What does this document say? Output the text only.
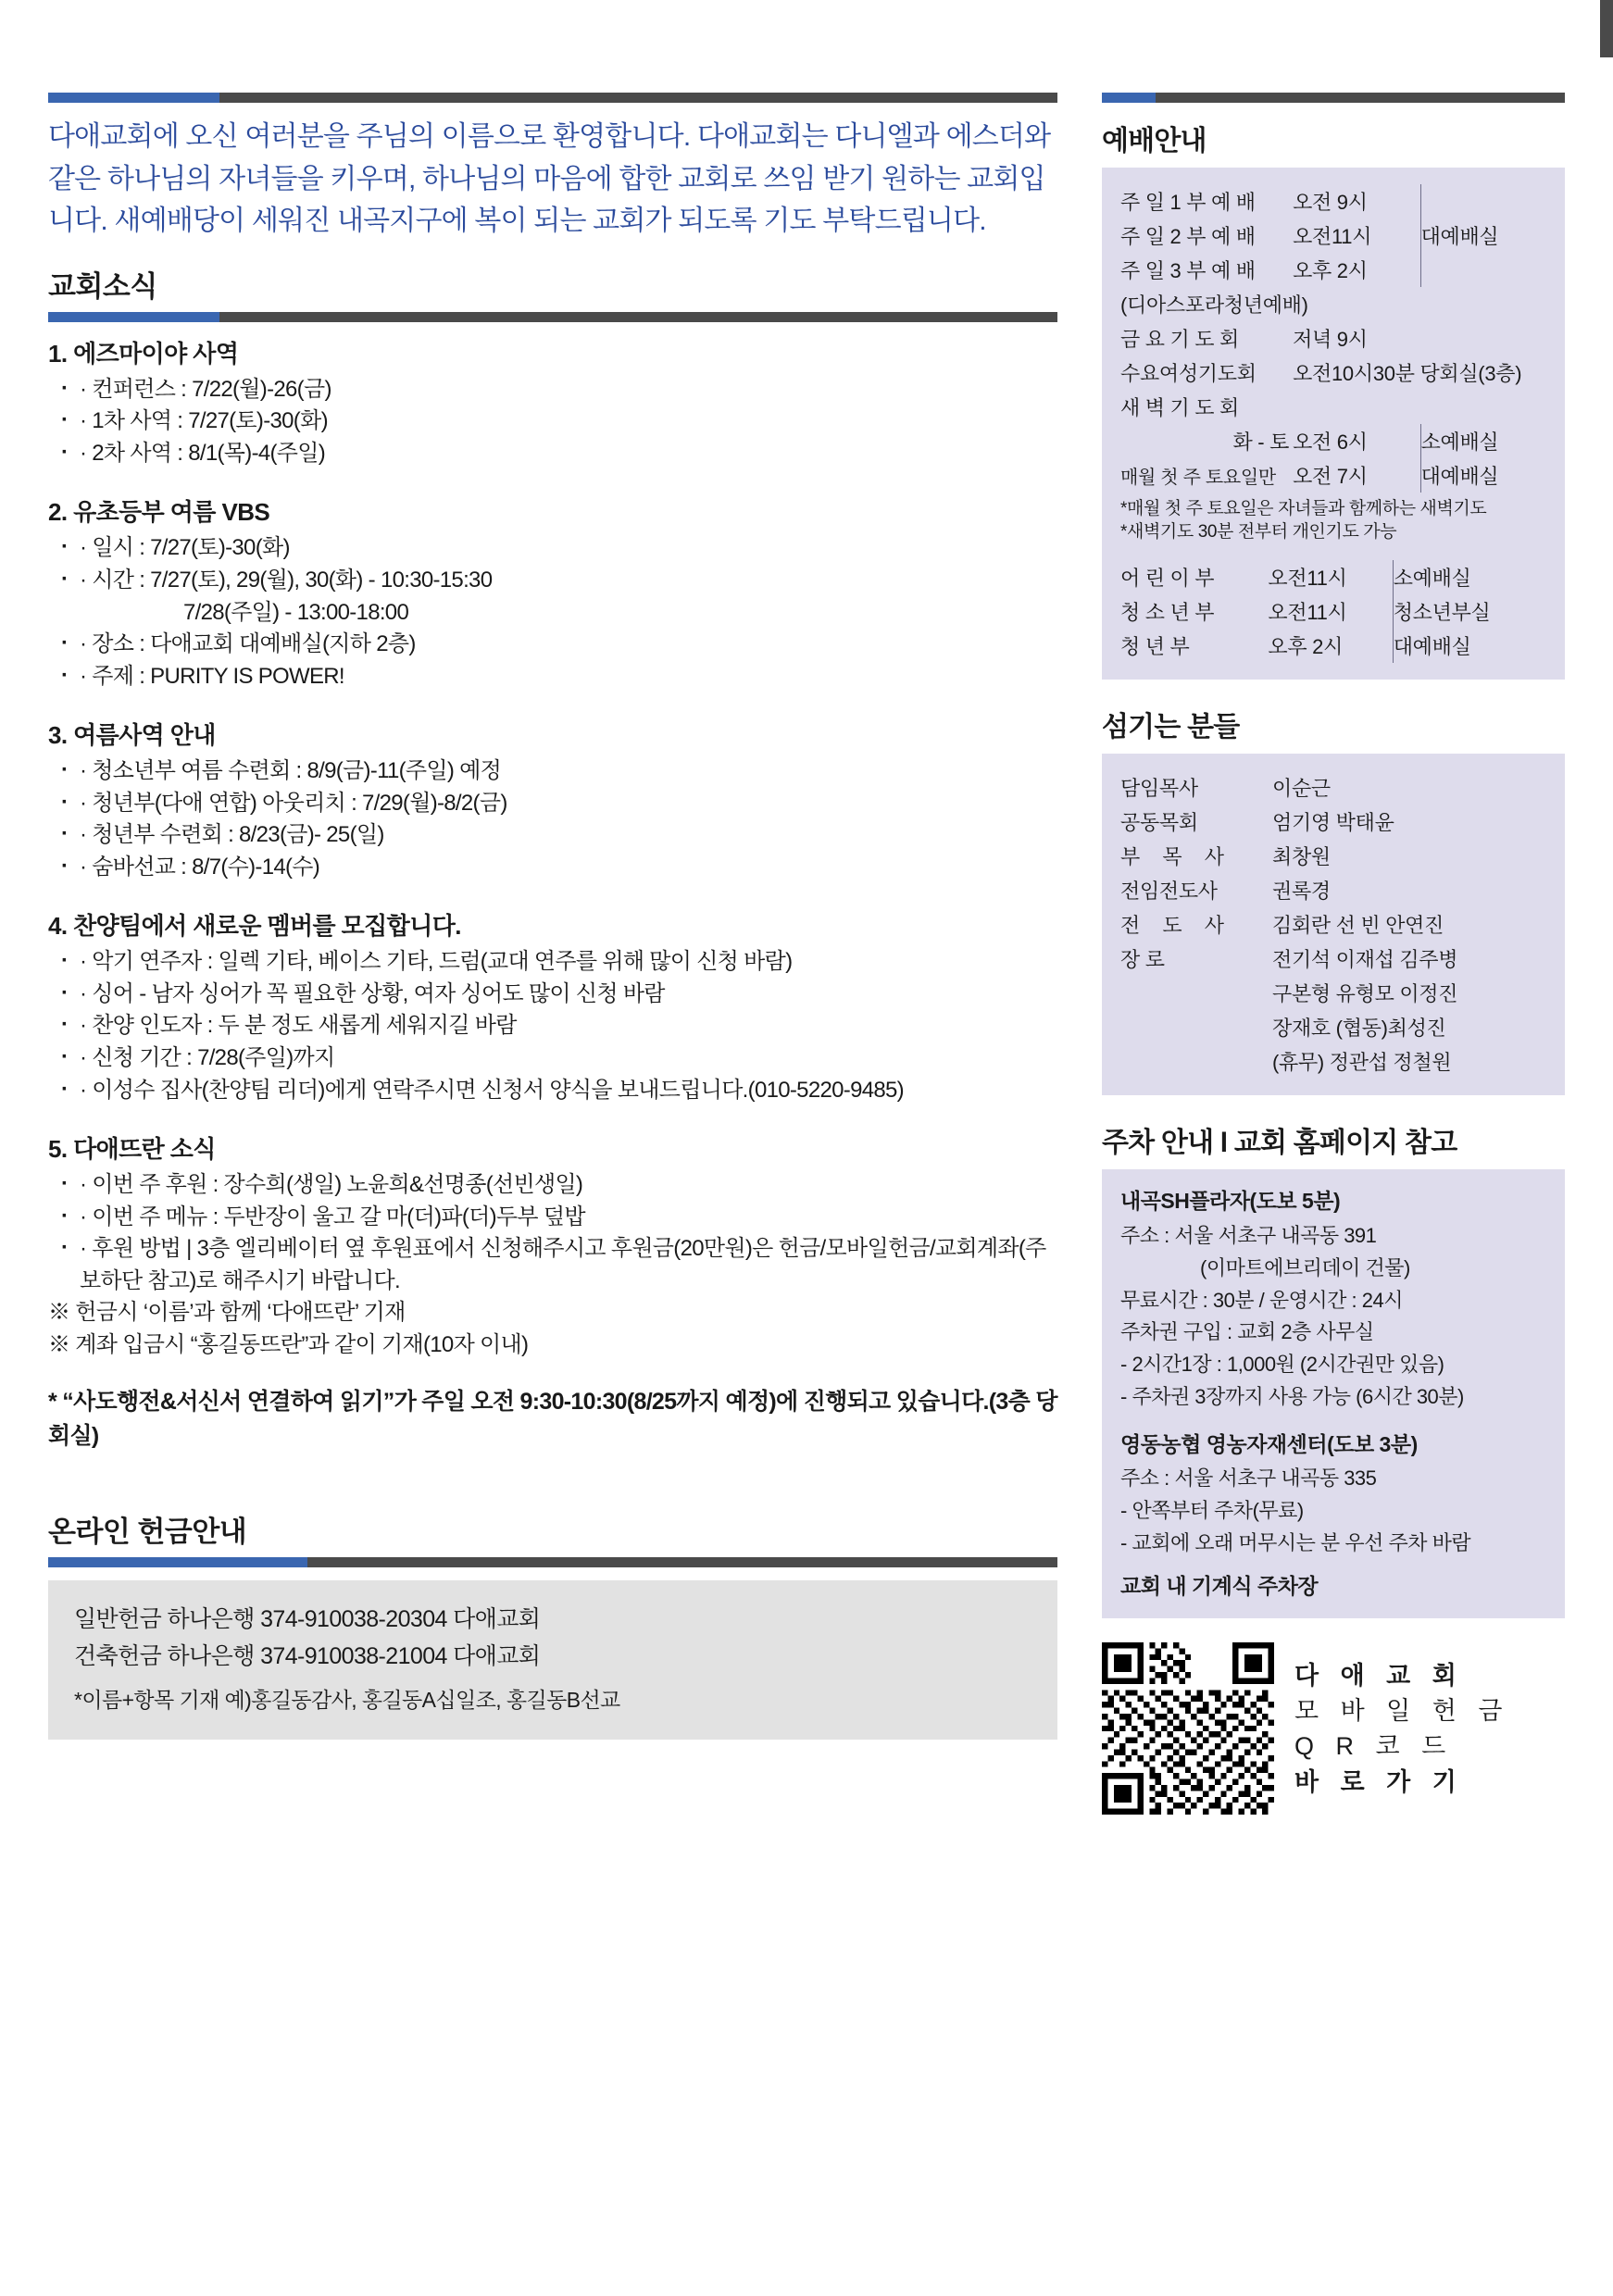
다애교회에 오신 여러분을 주님의 이름으로 환영합니다. 다애교회는 다니엘과 에스더와 같은 하나님의 자녀들을 키우며, 하나님의 마음에 합한 교회로 쓰임 받기 원하는 교회입니다. 새예배당이 세워진 내곡지구에 복이 되는 교회가 되도록 기도 부탁드립니다.

교회소식
1. 에즈마이야 사역
· · 컨퍼런스 : 7/22(월)-26(금)
· · 1차 사역 : 7/27(토)-30(화)
· · 2차 사역 : 8/1(목)-4(주일)
2. 유초등부 여름 VBS
· · 일시 : 7/27(토)-30(화)
· · 시간 : 7/27(토), 29(월), 30(화) - 10:30-15:30
7/28(주일) - 13:00-18:00
· · 장소 : 다애교회 대예배실(지하 2층)
· · 주제 : PURITY IS POWER!
3. 여름사역 안내
· · 청소년부 여름 수련회 : 8/9(금)-11(주일) 예정
· · 청년부(다애 연합) 아웃리치 : 7/29(월)-8/2(금)
· · 청년부 수련회 : 8/23(금)- 25(일)
· · 숨바선교 : 8/7(수)-14(수)
4. 찬양팀에서 새로운 멤버를 모집합니다.
· · 악기 연주자 : 일렉 기타, 베이스 기타, 드럼(교대 연주를 위해 많이 신청 바람)
· · 싱어 - 남자 싱어가 꼭 필요한 상황, 여자 싱어도 많이 신청 바람
· · 찬양 인도자 : 두 분 정도 새롭게 세워지길 바람
· · 신청 기간 : 7/28(주일)까지
· · 이성수 집사(찬양팀 리더)에게 연락주시면 신청서 양식을 보내드립니다.(010-5220-9485)
5. 다애뜨란 소식
· · 이번 주 후원 : 장수희(생일) 노윤희&선명종(선빈생일)
· · 이번 주 메뉴 : 두반장이 울고 갈 마(더)파(더)두부 덮밥
· · 후원 방법 | 3층 엘리베이터 옆 후원표에서 신청해주시고 후원금(20만원)은 헌금/모바일헌금/교회계좌(주보하단 참고)로 해주시기 바랍니다.
※ 헌금시 ‘이름’과 함께 ‘다애뜨란’ 기재
※ 계좌 입금시 “홍길동뜨란”과 같이 기재(10자 이내)
* “사도행전&서신서 연결하여 읽기”가 주일 오전 9:30-10:30(8/25까지 예정)에 진행되고 있습니다.(3층 당회실)
온라인 헌금안내
일반헌금 하나은행 374-910038-20304 다애교회
건축헌금 하나은행 374-910038-21004 다애교회
*이름+항목 기재 예)홍길동감사, 홍길동A십일조, 홍길동B선교
예배안내
주 일 1 부 예 배	오전 9시	대예배실
주 일 2 부 예 배	오전11시	
주 일 3 부 예 배	오후 2시	
(디아스포라청년예배)		
금 요 기 도 회	저녁 9시	
수요여성기도회	오전10시30분 당회실(3층)	
새 벽 기 도 회		
화 - 토	오전 6시	소예배실
매월 첫 주 토요일만	오전 7시	대예배실
*매월 첫 주 토요일은 자녀들과 함께하는 새벽기도
*새벽기도 30분 전부터 개인기도 가능
어 린 이 부	오전11시	소예배실
청 소 년 부	오전11시	청소년부실
청 년 부	오후 2시	대예배실
섬기는 분들
담임목사	이순근
공동목회	엄기영 박태윤
부 목 사	최창원
전임전도사	권록경
전 도 사	김회란 선 빈 안연진
장 로	전기석 이재섭 김주병
	구본형 유형모 이정진
	장재호 (협동)최성진
	(휴무) 정관섭 정철원
주차 안내 l 교회 홈페이지 참고
내곡SH플라자(도보 5분)
주소 : 서울 서초구 내곡동 391
(이마트에브리데이 건물)
무료시간 : 30분 / 운영시간 : 24시
주차권 구입 : 교회 2층 사무실
- 2시간1장 : 1,000원 (2시간권만 있음)
- 주차권 3장까지 사용 가능 (6시간 30분)
영동농협 영농자재센터(도보 3분)
주소 : 서울 서초구 내곡동 335
- 안쪽부터 주차(무료)
- 교회에 오래 머무시는 분 우선 주차 바람
교회 내 기계식 주차장
다 애 교 회
모 바 일 헌 금
Q R 코 드
바 로 가 기
